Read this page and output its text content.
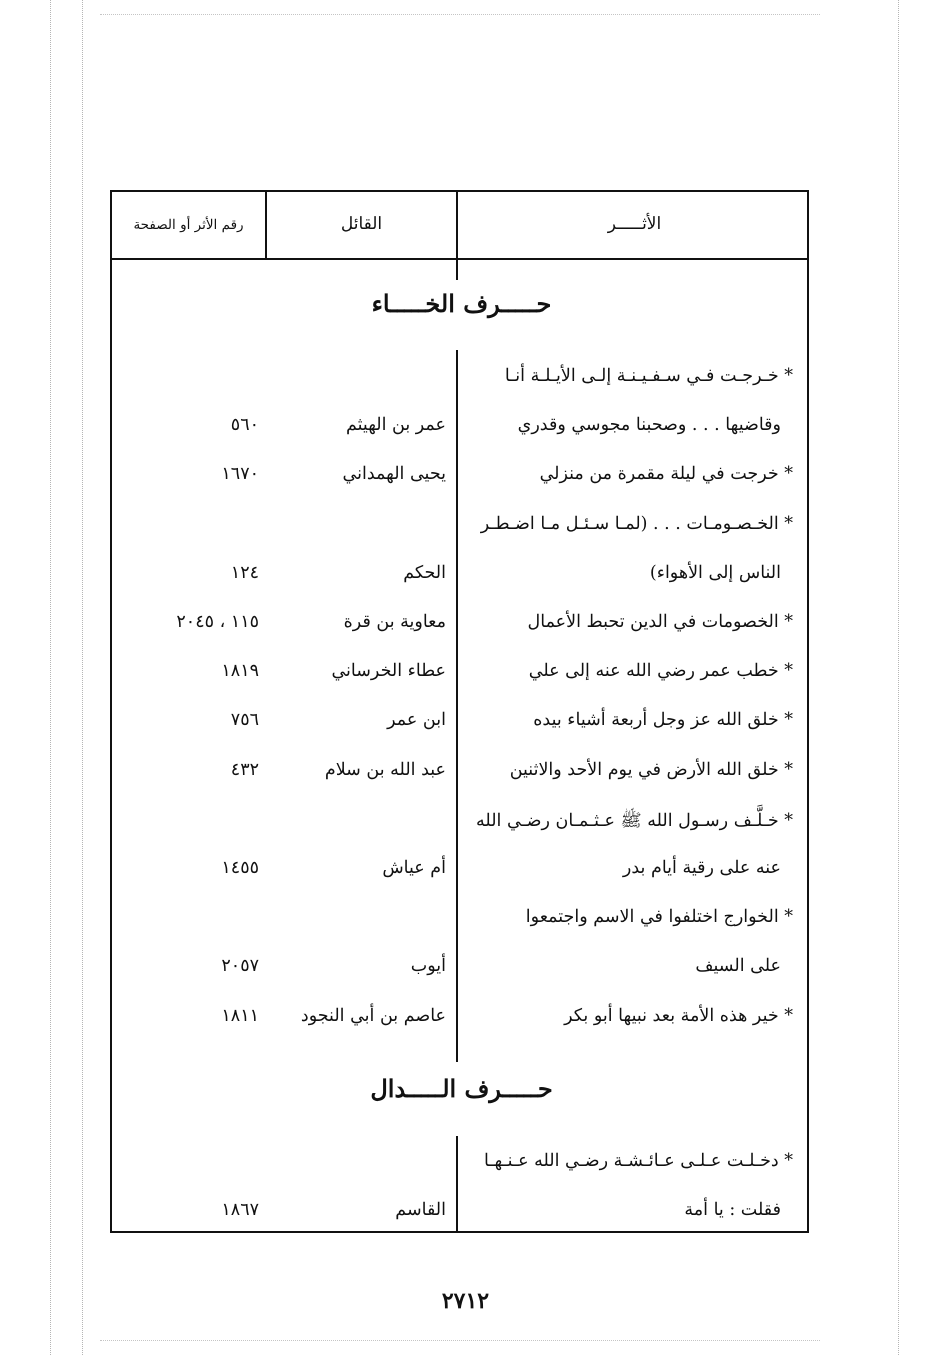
الأثـــــر
القائل
رقم الأثر أو الصفحة
حـــــرف الخـــــاء
* خـرجـت فـي سـفـيـنـة إلـى الأيـلـة أنـا
وقاضيها . . . وصحبنا مجوسي وقدري
عمر بن الهيثم
٥٦٠
* خرجت في ليلة مقمرة من منزلي
يحيى الهمداني
١٦٧٠
* الخـصـومـات . . . (لمـا سـئـل مـا اضـطـر
الناس إلى الأهواء)
الحكم
١٢٤
* الخصومات في الدين تحبط الأعمال
معاوية بن قرة
١١٥ ، ٢٠٤٥
* خطب عمر رضي الله عنه إلى علي
عطاء الخرساني
١٨١٩
* خلق الله عز وجل أربعة أشياء بيده
ابن عمر
٧٥٦
* خلق الله الأرض في يوم الأحد والاثنين
عبد الله بن سلام
٤٣٢
* خـلَّـف رسـول الله ﷺ عـثـمـان رضـي الله
عنه على رقية أيام بدر
أم عياش
١٤٥٥
* الخوارج اختلفوا في الاسم واجتمعوا
على السيف
أيوب
٢٠٥٧
* خير هذه الأمة بعد نبيها أبو بكر
عاصم بن أبي النجود
١٨١١
حـــــرف الـــــدال
* دخـلـت عـلـى عـائـشـة رضـي الله عـنـهـا
فقلت : يا أمة
القاسم
١٨٦٧
٢٧١٢
